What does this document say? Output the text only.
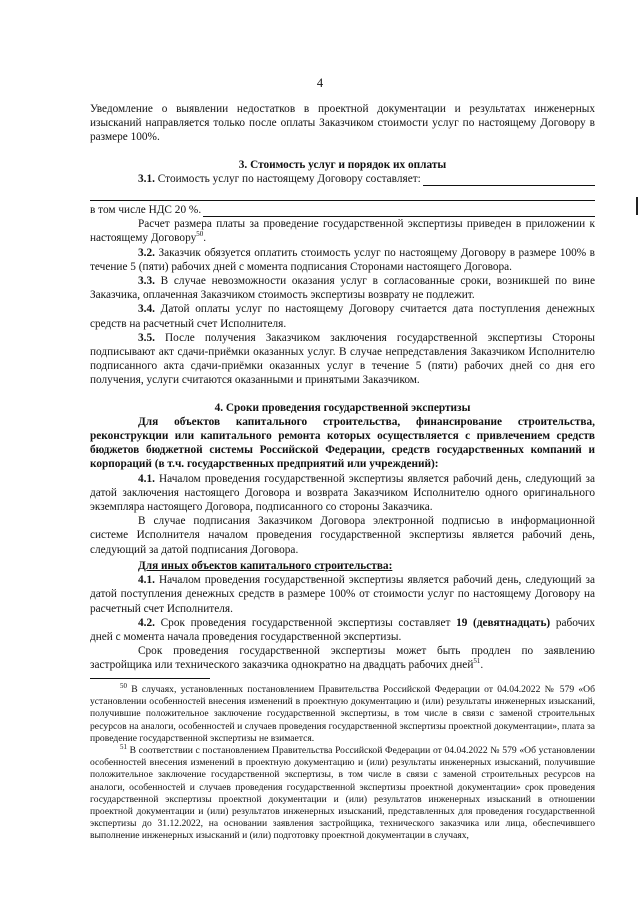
4

Уведомление о выявлении недостатков в проектной документации и результатах инженерных изысканий направляется только после оплаты Заказчиком стоимости услуг по настоящему Договору в размере 100%.

3. Стоимость услуг и порядок их оплаты

3.1. Стоимость услуг по настоящему Договору составляет:

в том числе НДС 20 %.

Расчет размера платы за проведение государственной экспертизы приведен в приложении к настоящему Договору$^{50}$.

3.2. Заказчик обязуется оплатить стоимость услуг по настоящему Договору в размере 100% в течение 5 (пяти) рабочих дней с момента подписания Сторонами настоящего Договора.

3.3. В случае невозможности оказания услуг в согласованные сроки, возникшей по вине Заказчика, оплаченная Заказчиком стоимость экспертизы возврату не подлежит.

3.4. Датой оплаты услуг по настоящему Договору считается дата поступления денежных средств на расчетный счет Исполнителя.

3.5. После получения Заказчиком заключения государственной экспертизы Стороны подписывают акт сдачи-приёмки оказанных услуг. В случае непредставления Заказчиком Исполнителю подписанного акта сдачи-приёмки оказанных услуг в течение 5 (пяти) рабочих дней со дня его получения, услуги считаются оказанными и принятыми Заказчиком.

4. Сроки проведения государственной экспертизы

Для объектов капитального строительства, финансирование строительства, реконструкции или капитального ремонта которых осуществляется с привлечением средств бюджетов бюджетной системы Российской Федерации, средств государственных компаний и корпораций (в т.ч. государственных предприятий или учреждений):

4.1. Началом проведения государственной экспертизы является рабочий день, следующий за датой заключения настоящего Договора и возврата Заказчиком Исполнителю одного оригинального экземпляра настоящего Договора, подписанного со стороны Заказчика.

В случае подписания Заказчиком Договора электронной подписью в информационной системе Исполнителя началом проведения государственной экспертизы является рабочий день, следующий за датой подписания Договора.

Для иных объектов капитального строительства:

4.1. Началом проведения государственной экспертизы является рабочий день, следующий за датой поступления денежных средств в размере 100% от стоимости услуг по настоящему Договору на расчетный счет Исполнителя.

4.2. Срок проведения государственной экспертизы составляет 19 (девятнадцать) рабочих дней с момента начала проведения государственной экспертизы.

Срок проведения государственной экспертизы может быть продлен по заявлению застройщика или технического заказчика однократно на двадцать рабочих дней$^{51}$.

$^{50}$ В случаях, установленных постановлением Правительства Российской Федерации от 04.04.2022 № 579 «Об установлении особенностей внесения изменений в проектную документацию и (или) результаты инженерных изысканий, получившие положительное заключение государственной экспертизы, в том числе в связи с заменой строительных ресурсов на аналоги, особенностей и случаев проведения государственной экспертизы проектной документации», плата за проведение государственной экспертизы не взимается.

$^{51}$ В соответствии с постановлением Правительства Российской Федерации от 04.04.2022 № 579 «Об установлении особенностей внесения изменений в проектную документацию и (или) результаты инженерных изысканий, получившие положительное заключение государственной экспертизы, в том числе в связи с заменой строительных ресурсов на аналоги, особенностей и случаев проведения государственной экспертизы проектной документации» срок проведения государственной экспертизы проектной документации и (или) результатов инженерных изысканий в отношении проектной документации и (или) результатов инженерных изысканий, представленных для проведения государственной экспертизы до 31.12.2022, на основании заявления застройщика, технического заказчика или лица, обеспечившего выполнение инженерных изысканий и (или) подготовку проектной документации в случаях,
